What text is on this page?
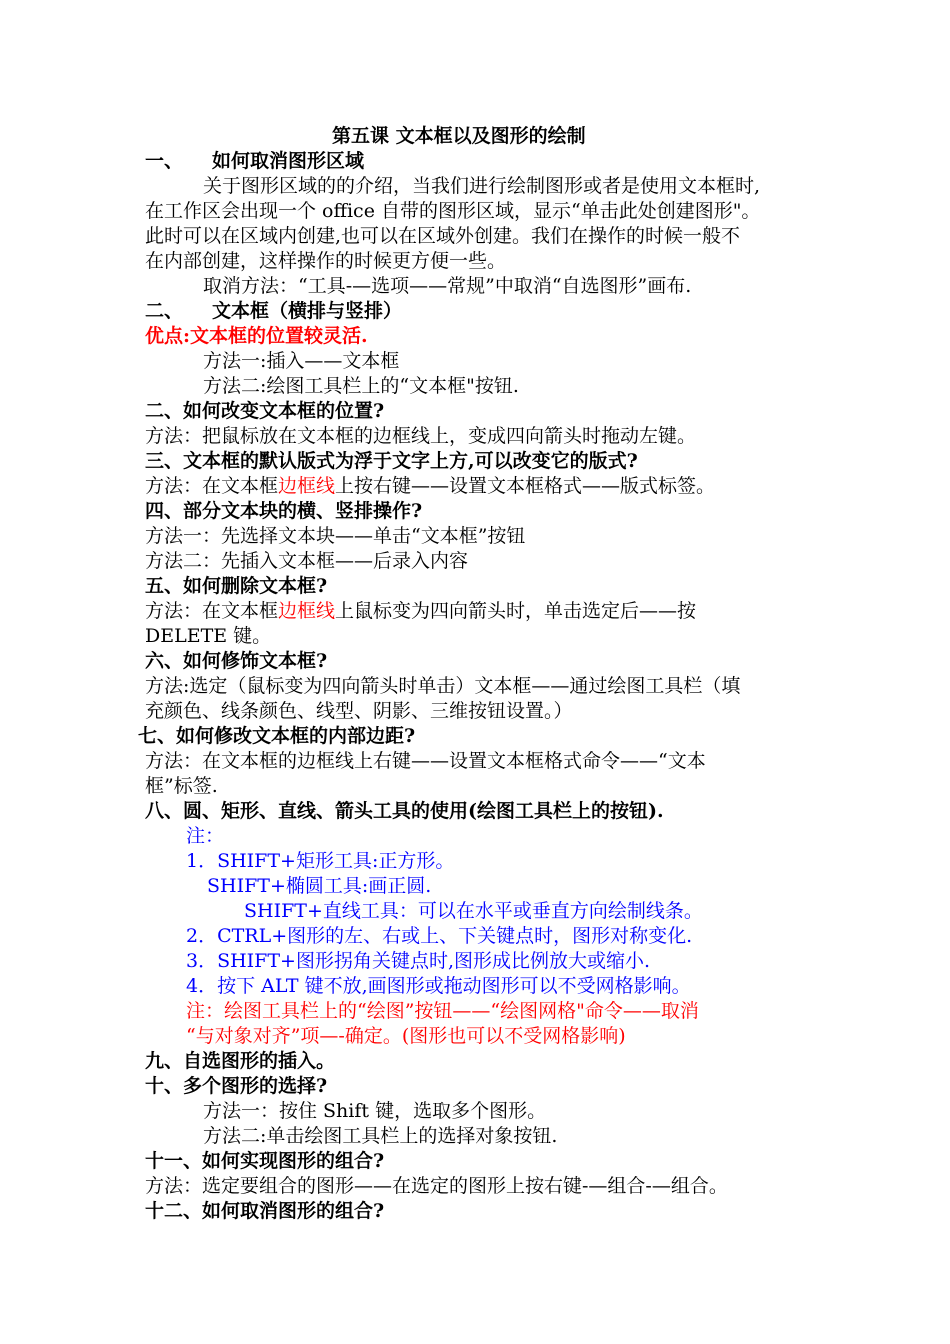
第五课 文本框以及图形的绘制
一、 如何取消图形区域
关于图形区域的的介绍，当我们进行绘制图形或者是使用文本框时,
在工作区会出现一个 office 自带的图形区域，显示“单击此处创建图形"。
此时可以在区域内创建,也可以在区域外创建。我们在操作的时候一般不
在内部创建，这样操作的时候更方便一些。
取消方法：“工具-—选项——常规”中取消“自选图形”画布.
二、 文本框（横排与竖排）
优点:文本框的位置较灵活.
方法一:插入——文本框
方法二:绘图工具栏上的“文本框"按钮.
二、如何改变文本框的位置?
方法：把鼠标放在文本框的边框线上，变成四向箭头时拖动左键。
三、文本框的默认版式为浮于文字上方,可以改变它的版式?
方法：在文本框边框线上按右键——设置文本框格式——版式标签。
四、部分文本块的横、竖排操作?
方法一：先选择文本块——单击“文本框”按钮
方法二：先插入文本框——后录入内容
五、如何删除文本框?
方法：在文本框边框线上鼠标变为四向箭头时，单击选定后——按
DELETE 键。
六、如何修饰文本框?
方法:选定（鼠标变为四向箭头时单击）文本框——通过绘图工具栏（填
充颜色、线条颜色、线型、阴影、三维按钮设置。）
七、如何修改文本框的内部边距?
方法：在文本框的边框线上右键——设置文本框格式命令——“文本
框”标签.
八、圆、矩形、直线、箭头工具的使用(绘图工具栏上的按钮).
注：
1．SHIFT+矩形工具:正方形。
SHIFT+椭圆工具:画正圆.
SHIFT+直线工具：可以在水平或垂直方向绘制线条。
2．CTRL+图形的左、右或上、下关键点时，图形对称变化.
3．SHIFT+图形拐角关键点时,图形成比例放大或缩小.
4．按下 ALT 键不放,画图形或拖动图形可以不受网格影响。
注：绘图工具栏上的“绘图”按钮——“绘图网格"命令——取消
“与对象对齐”项—-确定。(图形也可以不受网格影响)
九、自选图形的插入。
十、多个图形的选择?
方法一：按住 Shift 键，选取多个图形。
方法二:单击绘图工具栏上的选择对象按钮.
十一、如何实现图形的组合?
方法：选定要组合的图形——在选定的图形上按右键-—组合-—组合。
十二、如何取消图形的组合?
